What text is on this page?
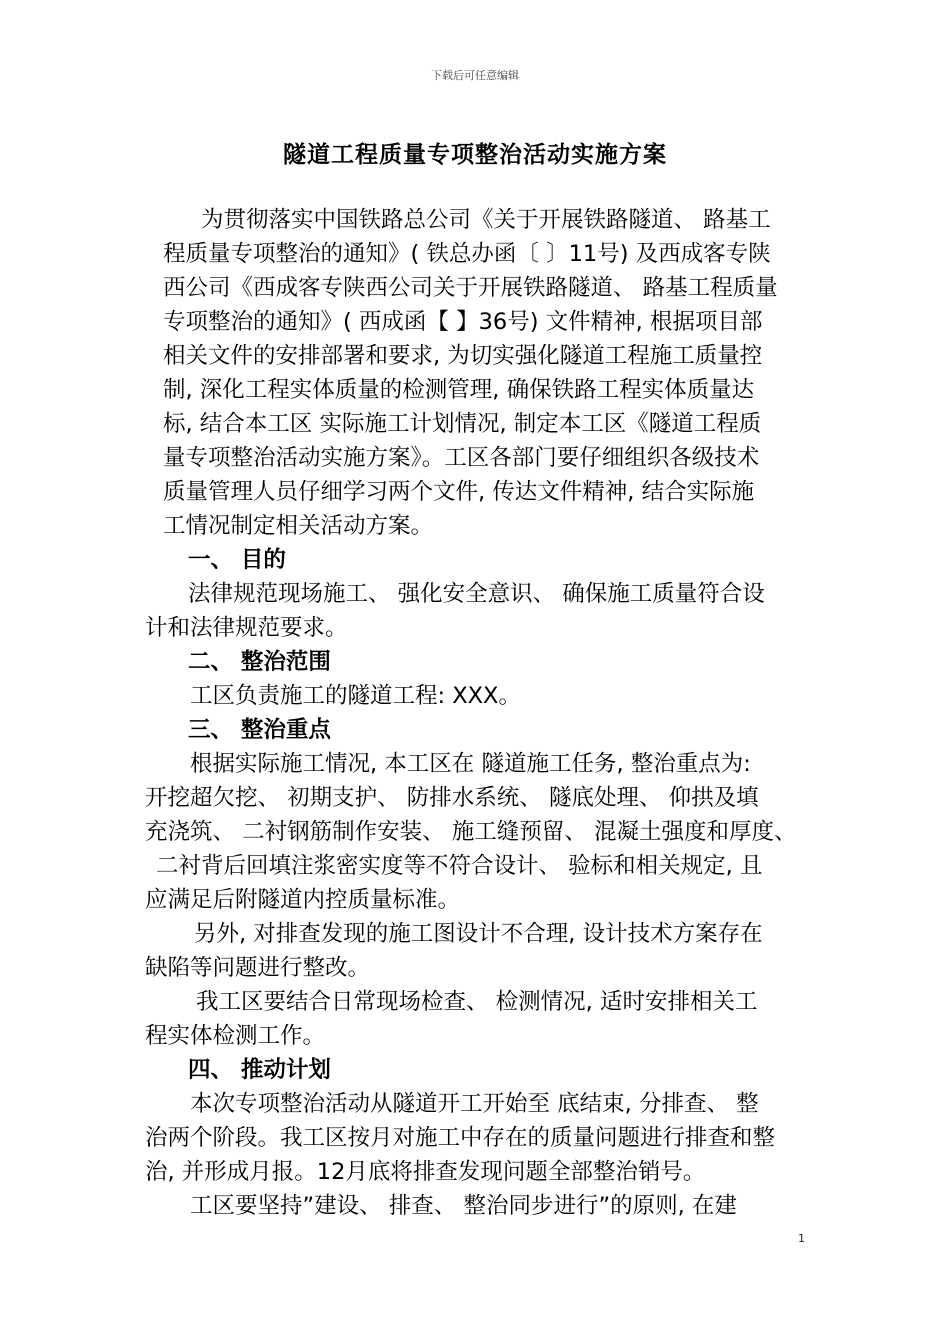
下载后可任意编辑
隧道工程质量专项整治活动实施方案
为贯彻落实中国铁路总公司《关于开展铁路隧道、 路基工
程质量专项整治的通知》( 铁总办函〔 〕11号) 及西成客专陕
西公司《西成客专陕西公司关于开展铁路隧道、 路基工程质量
专项整治的通知》( 西成函【 】36号) 文件精神, 根据项目部
相关文件的安排部署和要求, 为切实强化隧道工程施工质量控
制, 深化工程实体质量的检测管理, 确保铁路工程实体质量达
标, 结合本工区 实际施工计划情况, 制定本工区《隧道工程质
量专项整治活动实施方案》。工区各部门要仔细组织各级技术
质量管理人员仔细学习两个文件, 传达文件精神, 结合实际施
工情况制定相关活动方案。
一、 目的
法律规范现场施工、 强化安全意识、 确保施工质量符合设
计和法律规范要求。
二、 整治范围
工区负责施工的隧道工程: XXX。
三、 整治重点
根据实际施工情况, 本工区在 隧道施工任务, 整治重点为:
开挖超欠挖、 初期支护、 防排水系统、 隧底处理、 仰拱及填
充浇筑、 二衬钢筋制作安装、 施工缝预留、 混凝土强度和厚度、
二衬背后回填注浆密实度等不符合设计、 验标和相关规定, 且
应满足后附隧道内控质量标准。
另外, 对排查发现的施工图设计不合理, 设计技术方案存在
缺陷等问题进行整改。
我工区要结合日常现场检查、 检测情况, 适时安排相关工
程实体检测工作。
四、 推动计划
本次专项整治活动从隧道开工开始至 底结束, 分排查、 整
治两个阶段。我工区按月对施工中存在的质量问题进行排查和整
治, 并形成月报。12月底将排查发现问题全部整治销号。
工区要坚持”建设、 排查、 整治同步进行”的原则, 在建
1
